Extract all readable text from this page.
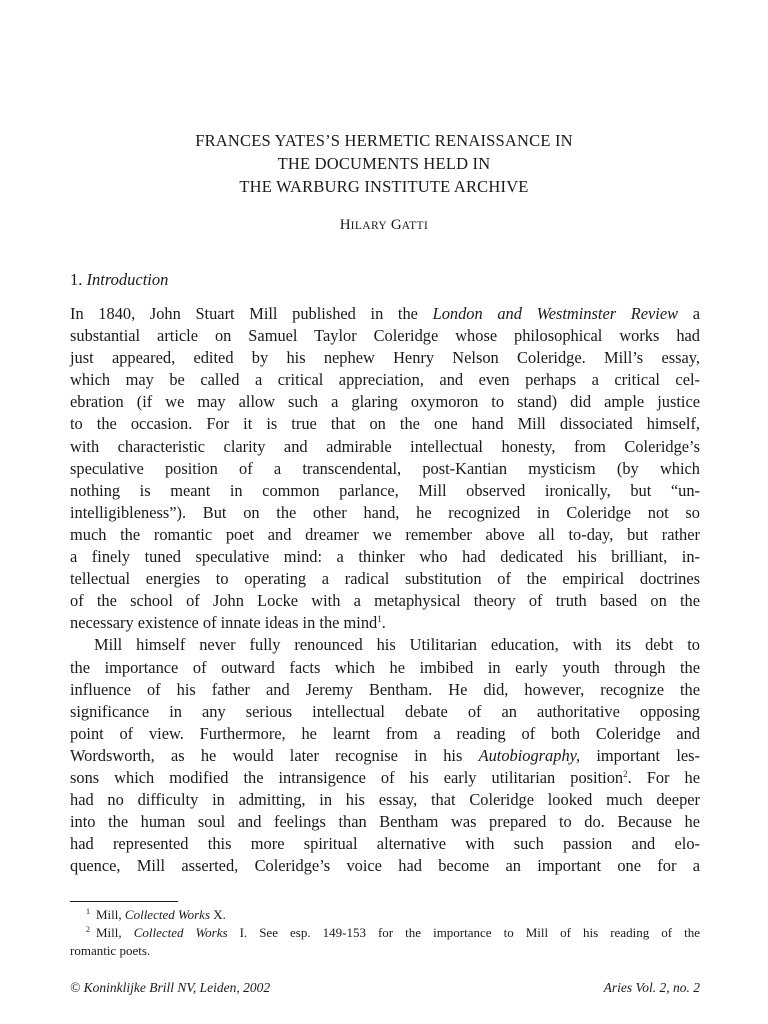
FRANCES YATES’S HERMETIC RENAISSANCE IN
THE DOCUMENTS HELD IN
THE WARBURG INSTITUTE ARCHIVE
HILARY GATTI
1. Introduction
In 1840, John Stuart Mill published in the London and Westminster Review a
substantial article on Samuel Taylor Coleridge whose philosophical works had
just appeared, edited by his nephew Henry Nelson Coleridge. Mill’s essay,
which may be called a critical appreciation, and even perhaps a critical cel-
ebration (if we may allow such a glaring oxymoron to stand) did ample justice
to the occasion. For it is true that on the one hand Mill dissociated himself,
with characteristic clarity and admirable intellectual honesty, from Coleridge’s
speculative position of a transcendental, post-Kantian mysticism (by which
nothing is meant in common parlance, Mill observed ironically, but “un-
intelligibleness”). But on the other hand, he recognized in Coleridge not so
much the romantic poet and dreamer we remember above all to-day, but rather
a finely tuned speculative mind: a thinker who had dedicated his brilliant, in-
tellectual energies to operating a radical substitution of the empirical doctrines
of the school of John Locke with a metaphysical theory of truth based on the
necessary existence of innate ideas in the mind$^1$.
Mill himself never fully renounced his Utilitarian education, with its debt to
the importance of outward facts which he imbibed in early youth through the
influence of his father and Jeremy Bentham. He did, however, recognize the
significance in any serious intellectual debate of an authoritative opposing
point of view. Furthermore, he learnt from a reading of both Coleridge and
Wordsworth, as he would later recognise in his Autobiography, important les-
sons which modified the intransigence of his early utilitarian position$^2$. For he
had no difficulty in admitting, in his essay, that Coleridge looked much deeper
into the human soul and feelings than Bentham was prepared to do. Because he
had represented this more spiritual alternative with such passion and elo-
quence, Mill asserted, Coleridge’s voice had become an important one for a
$^1$ Mill, Collected Works X.
$^2$ Mill, Collected Works I. See esp. 149-153 for the importance to Mill of his reading of the
romantic poets.
© Koninklijke Brill NV, Leiden, 2002	Aries Vol. 2, no. 2
